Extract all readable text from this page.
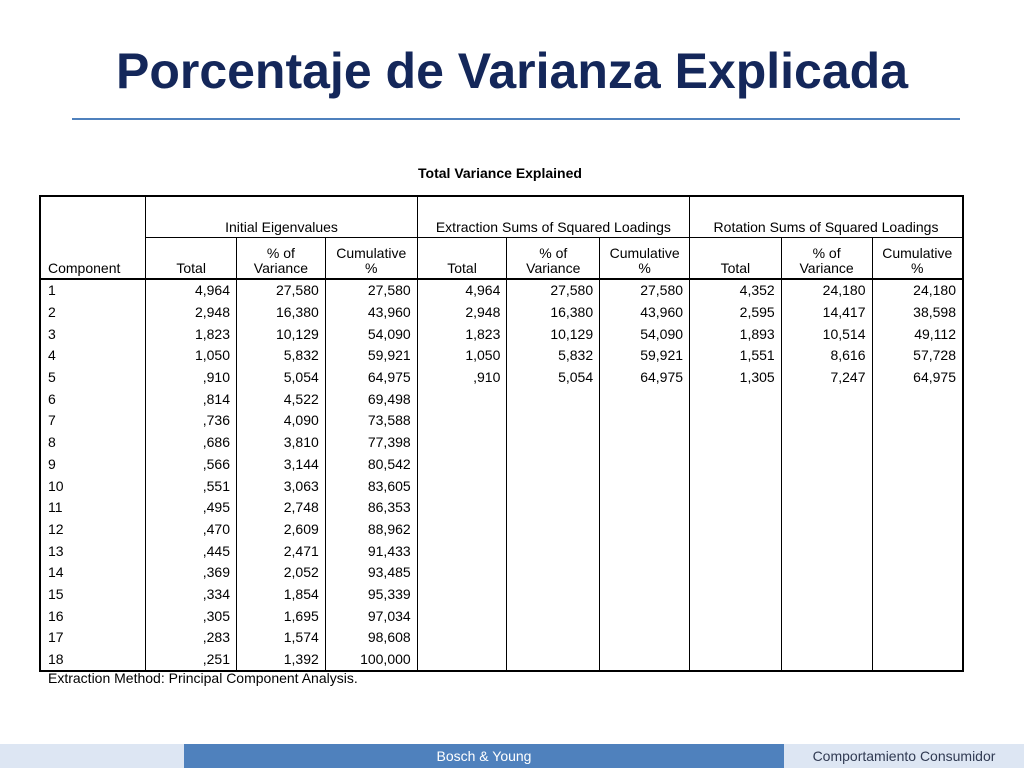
Porcentaje de Varianza Explicada
Total Variance Explained
Component	Initial Eigenvalues			Extraction Sums of Squared Loadings			Rotation Sums of Squared Loadings		
	Total	% of Variance	Cumulative %	Total	% of Variance	Cumulative %	Total	% of Variance	Cumulative %
1	4,964	27,580	27,580	4,964	27,580	27,580	4,352	24,180	24,180
2	2,948	16,380	43,960	2,948	16,380	43,960	2,595	14,417	38,598
3	1,823	10,129	54,090	1,823	10,129	54,090	1,893	10,514	49,112
4	1,050	5,832	59,921	1,050	5,832	59,921	1,551	8,616	57,728
5	,910	5,054	64,975	,910	5,054	64,975	1,305	7,247	64,975
6	,814	4,522	69,498						
7	,736	4,090	73,588						
8	,686	3,810	77,398						
9	,566	3,144	80,542						
10	,551	3,063	83,605						
11	,495	2,748	86,353						
12	,470	2,609	88,962						
13	,445	2,471	91,433						
14	,369	2,052	93,485						
15	,334	1,854	95,339						
16	,305	1,695	97,034						
17	,283	1,574	98,608						
18	,251	1,392	100,000						
Extraction Method: Principal Component Analysis.
Bosch & Young	Comportamiento Consumidor
